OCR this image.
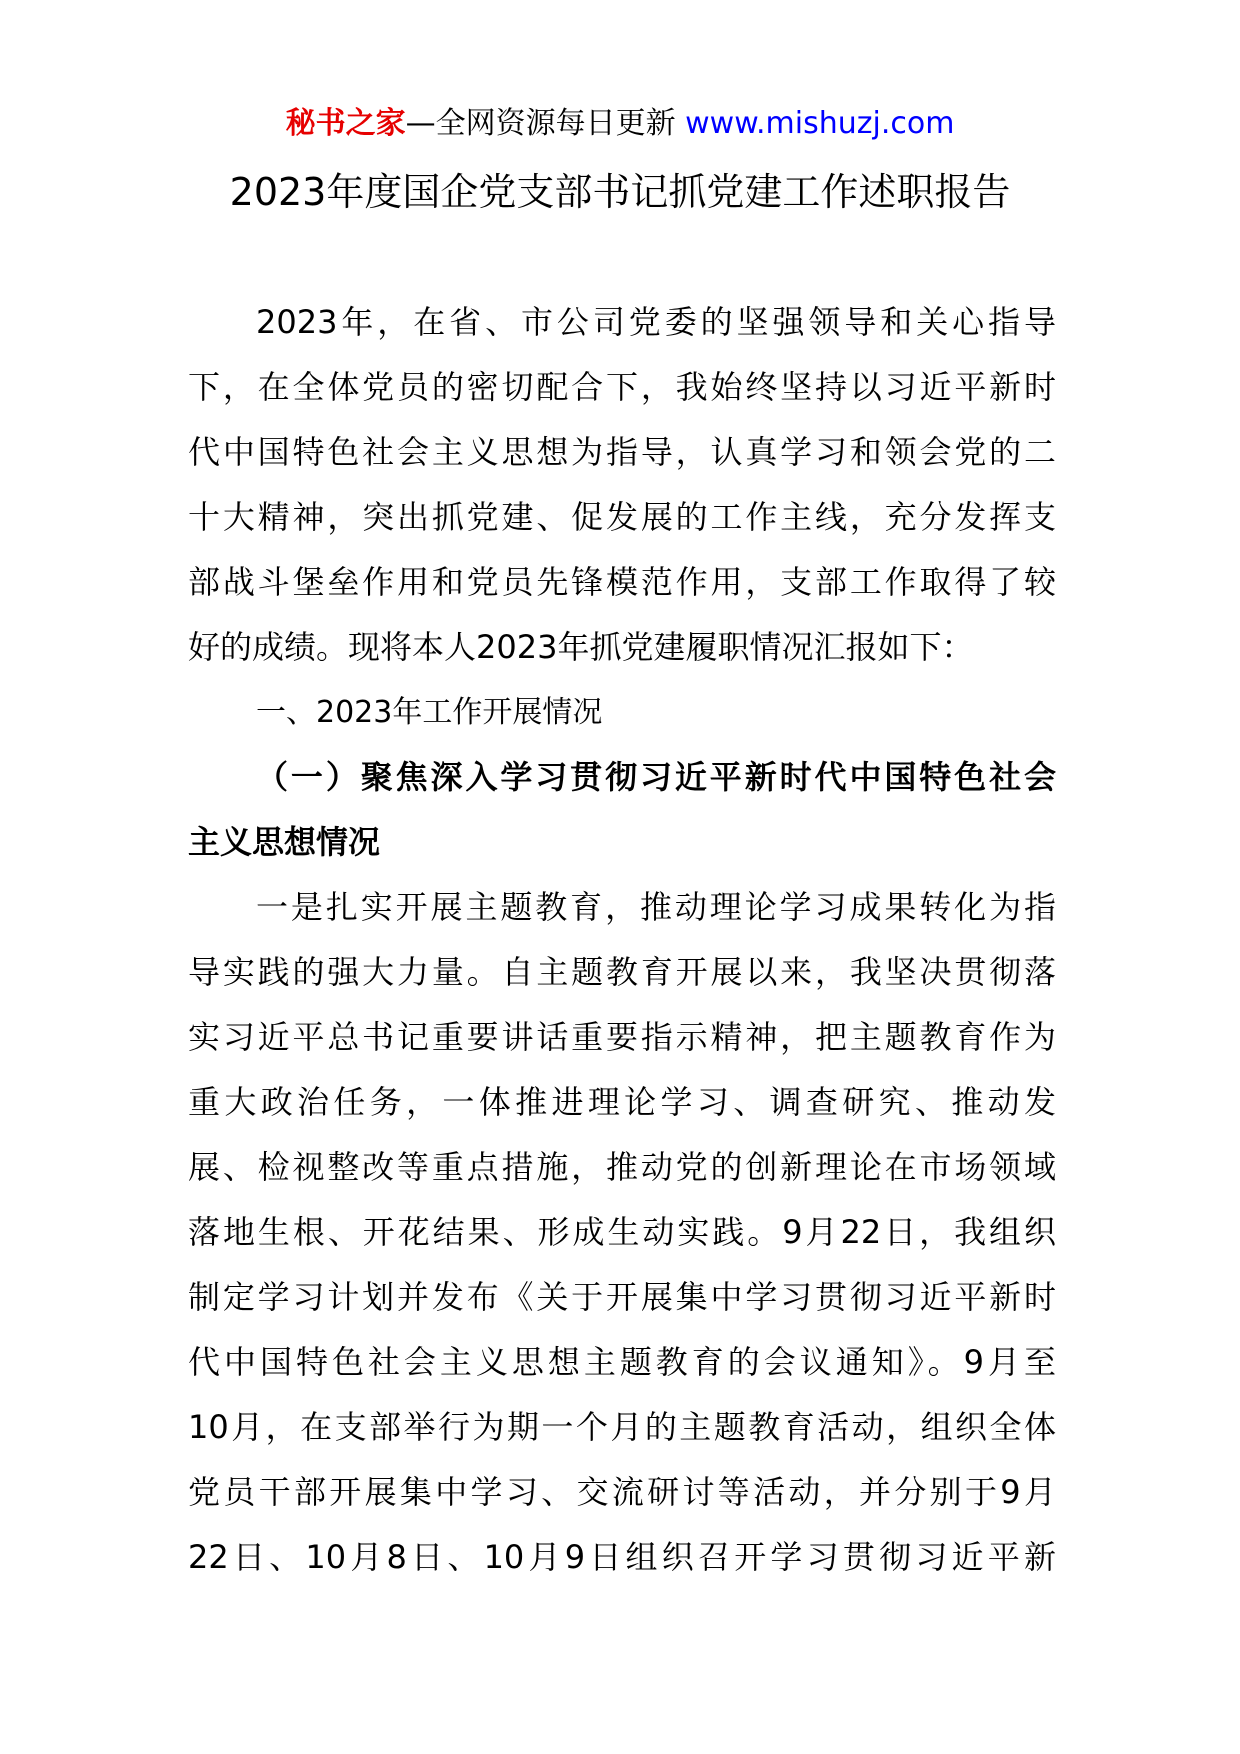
秘书之家—全网资源每日更新 www.mishuzj.com
2023年度国企党支部书记抓党建工作述职报告
2023年，在省、市公司党委的坚强领导和关心指导
下，在全体党员的密切配合下，我始终坚持以习近平新时
代中国特色社会主义思想为指导，认真学习和领会党的二
十大精神，突出抓党建、促发展的工作主线，充分发挥支
部战斗堡垒作用和党员先锋模范作用，支部工作取得了较
好的成绩。现将本人2023年抓党建履职情况汇报如下：
一、2023年工作开展情况
（一）聚焦深入学习贯彻习近平新时代中国特色社会
主义思想情况
一是扎实开展主题教育，推动理论学习成果转化为指
导实践的强大力量。自主题教育开展以来，我坚决贯彻落
实习近平总书记重要讲话重要指示精神，把主题教育作为
重大政治任务，一体推进理论学习、调查研究、推动发
展、检视整改等重点措施，推动党的创新理论在市场领域
落地生根、开花结果、形成生动实践。9月22日，我组织
制定学习计划并发布《关于开展集中学习贯彻习近平新时
代中国特色社会主义思想主题教育的会议通知》。9月至
10月，在支部举行为期一个月的主题教育活动，组织全体
党员干部开展集中学习、交流研讨等活动，并分别于9月
22日、10月8日、10月9日组织召开学习贯彻习近平新
